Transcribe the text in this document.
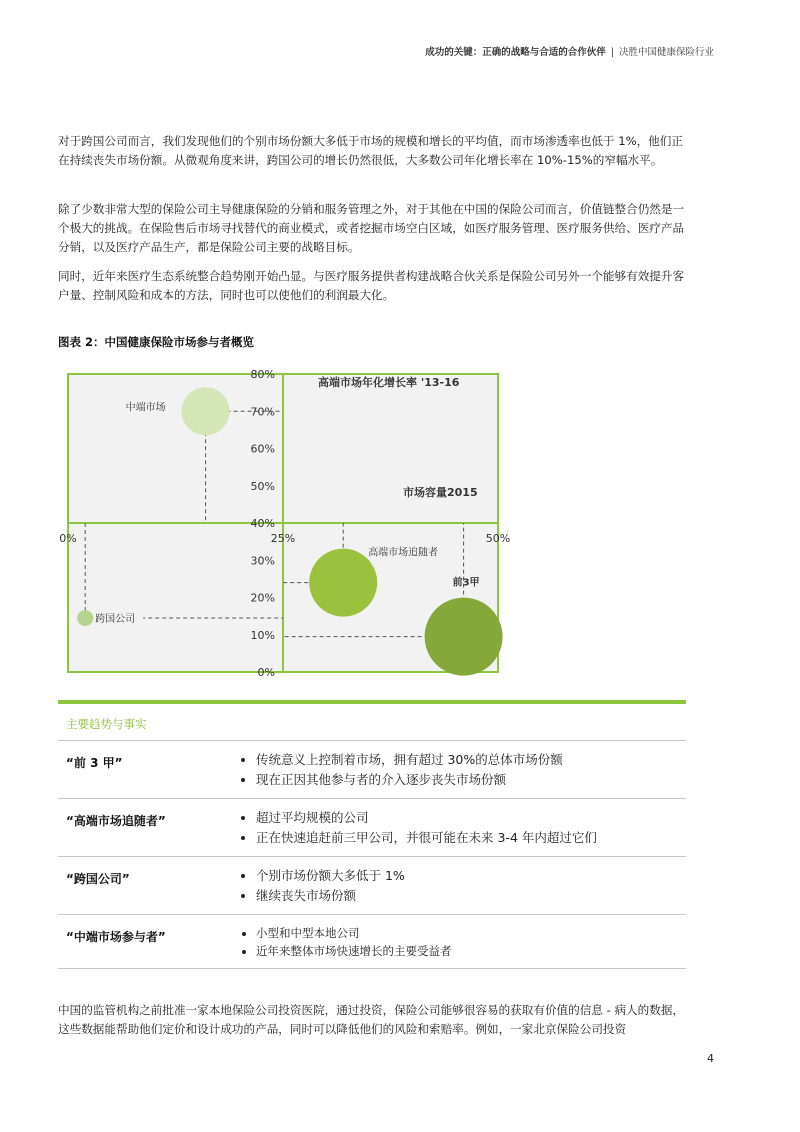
成功的关键：正确的战略与合适的合作伙伴 | 决胜中国健康保险行业

对于跨国公司而言，我们发现他们的个别市场份额大多低于市场的规模和增长的平均值，而市场渗透率也低于 1%，他们正在持续丧失市场份额。从微观角度来讲，跨国公司的增长仍然很低，大多数公司年化增长率在 10%-15%的窄幅水平。

除了少数非常大型的保险公司主导健康保险的分销和服务管理之外，对于其他在中国的保险公司而言，价值链整合仍然是一个极大的挑战。在保险售后市场寻找替代的商业模式，或者挖掘市场空白区域，如医疗服务管理、医疗服务供给、医疗产品分销，以及医疗产品生产，都是保险公司主要的战略目标。

同时，近年来医疗生态系统整合趋势刚开始凸显。与医疗服务提供者构建战略合伙关系是保险公司另外一个能够有效提升客户量、控制风险和成本的方法，同时也可以使他们的利润最大化。

图表 2：中国健康保险市场参与者概览
40%
50%
60%
70%
80%
0%
10%
20%
30%
0%	25%	50%
高端市场年化增长率 '13-16
市场容量2015
中端市场
高端市场追随者
前3甲
跨国公司
主要趋势与事实
“前 3 甲”	• 传统意义上控制着市场，拥有超过 30%的总体市场份额
• 现在正因其他参与者的介入逐步丧失市场份额
“高端市场追随者”	• 超过平均规模的公司
• 正在快速追赶前三甲公司，并很可能在未来 3-4 年内超过它们
“跨国公司”	• 个别市场份额大多低于 1%
• 继续丧失市场份额
“中端市场参与者”	• 小型和中型本地公司
• 近年来整体市场快速增长的主要受益者

中国的监管机构之前批准一家本地保险公司投资医院，通过投资，保险公司能够很容易的获取有价值的信息 - 病人的数据，这些数据能帮助他们定价和设计成功的产品，同时可以降低他们的风险和索赔率。例如，一家北京保险公司投资

4
